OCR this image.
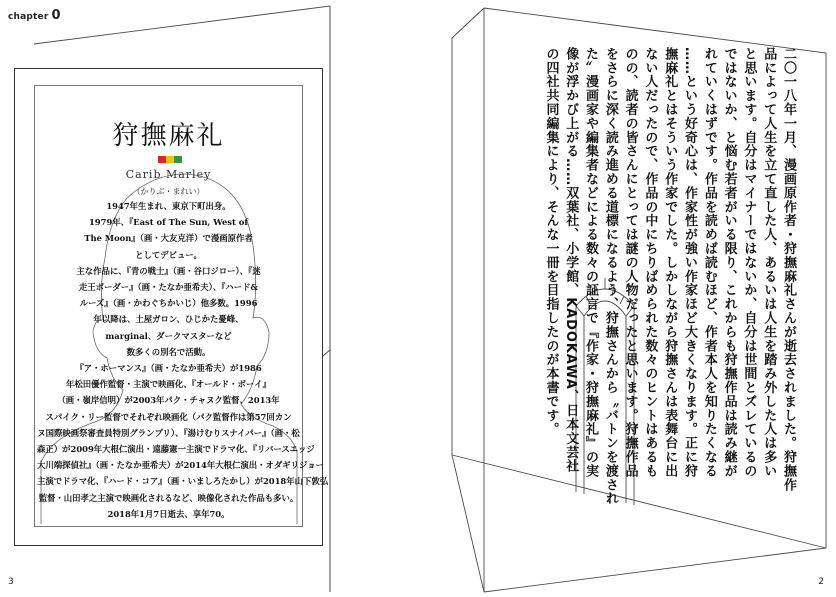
chapter 0
3	2
狩撫麻礼
Carib Marley
（かりぶ・まれい）
1947年生まれ、東京下町出身。
1979年、『East of The Sun, West of
The Moon』（画・大友克洋）で漫画原作者
としてデビュー。
主な作品に、『青の戦士』（画・谷口ジロー）、『迷
走王ボーダー』（画・たなか亜希夫）、『ハード&
ルーズ』（画・かわぐちかいじ）他多数。1996
年以降は、土屋ガロン、ひじかた憂峰、
marginal、ダークマスターなど
数多くの別名で活動。
『ア・ホーマンス』（画・たなか亜希夫）が1986
年松田優作監督・主演で映画化、『オールド・ボーイ』
（画・嶺岸信明）が2003年パク・チャヌク監督、2013年
スパイク・リー監督でそれぞれ映画化（パク監督作は第57回カン
ヌ国際映画祭審査員特別グランプリ）、『湯けむりスナイパー』（画・松
森正）が2009年大根仁演出・遠藤憲一主演でドラマ化、『リバースエッジ
大川端探偵社』（画・たなか亜希夫）が2014年大根仁演出・オダギリジョー
主演でドラマ化、『ハード・コア』（画・いましろたかし）が2018年山下敦弘
監督・山田孝之主演で映画化されるなど、映像化された作品も多い。
2018年1月7日逝去、享年70。

二〇一八年一月、漫画原作者・狩撫麻礼さんが逝去されました。狩撫作

品によって人生を立て直した人、あるいは人生を踏み外した人は多い

と思います。自分はマイナーではないか、自分は世間とズレているの

ではないか、と悩む若者がいる限り、これからも狩撫作品は読み継が

れていくはずです。作品を読めば読むほど、作者本人を知りたくなる

……という好奇心は、作家性が強い作家ほど大きくなります。正に狩

撫麻礼とはそういう作家でした。しかしながら狩撫さんは表舞台に出

ない人だったので、作品の中にちりばめられた数々のヒントはあるも

のの、読者の皆さんにとっては謎の人物だったと思います。狩撫作品

をさらに深く読み進める道標になるよう、狩撫さんから〝バトンを渡され

た〟漫画家や編集者などによる数々の証言で『作家・狩撫麻礼』の実

像が浮かび上がる……双葉社、小学館、KADOKAWA、日本文芸社

の四社共同編集により、そんな一冊を目指したのが本書です。
